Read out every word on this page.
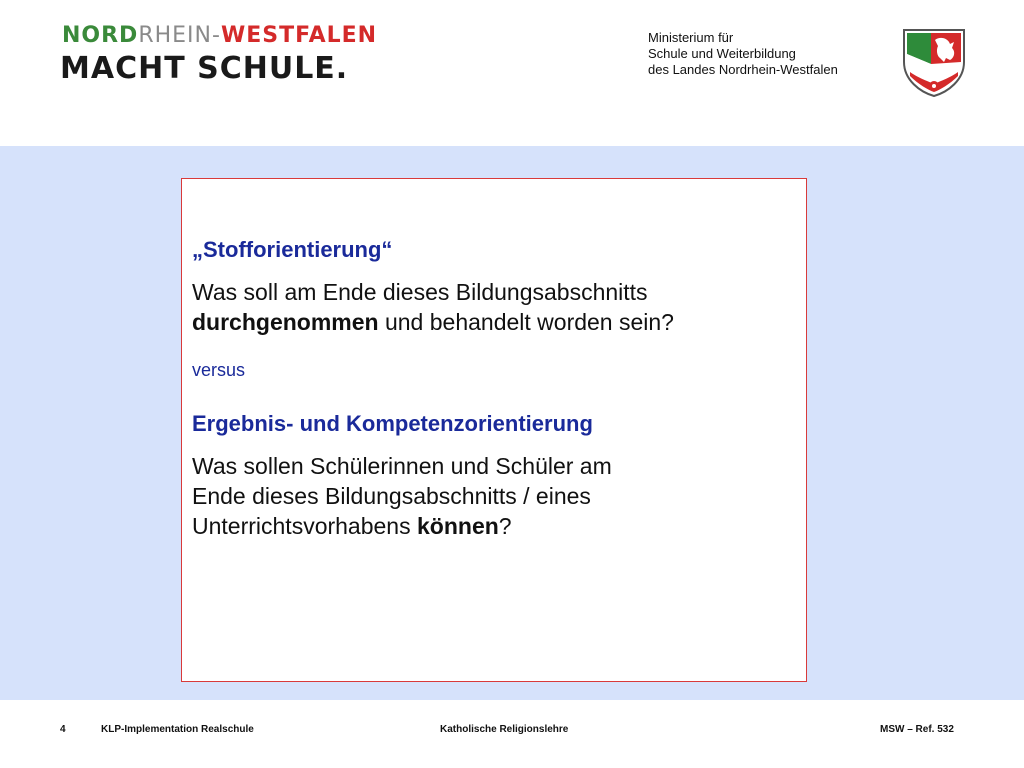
NORDRHEIN-WESTFALEN
MACHT SCHULE.
Ministerium für
Schule und Weiterbildung
des Landes Nordrhein-Westfalen

„Stofforientierung“

Was soll am Ende dieses Bildungsabschnitts
durchgenommen und behandelt worden sein?

versus

Ergebnis- und Kompetenzorientierung

Was sollen Schülerinnen und Schüler am
Ende dieses Bildungsabschnitts / eines
Unterrichtsvorhabens können?

4	KLP-Implementation Realschule	Katholische Religionslehre	MSW – Ref. 532
